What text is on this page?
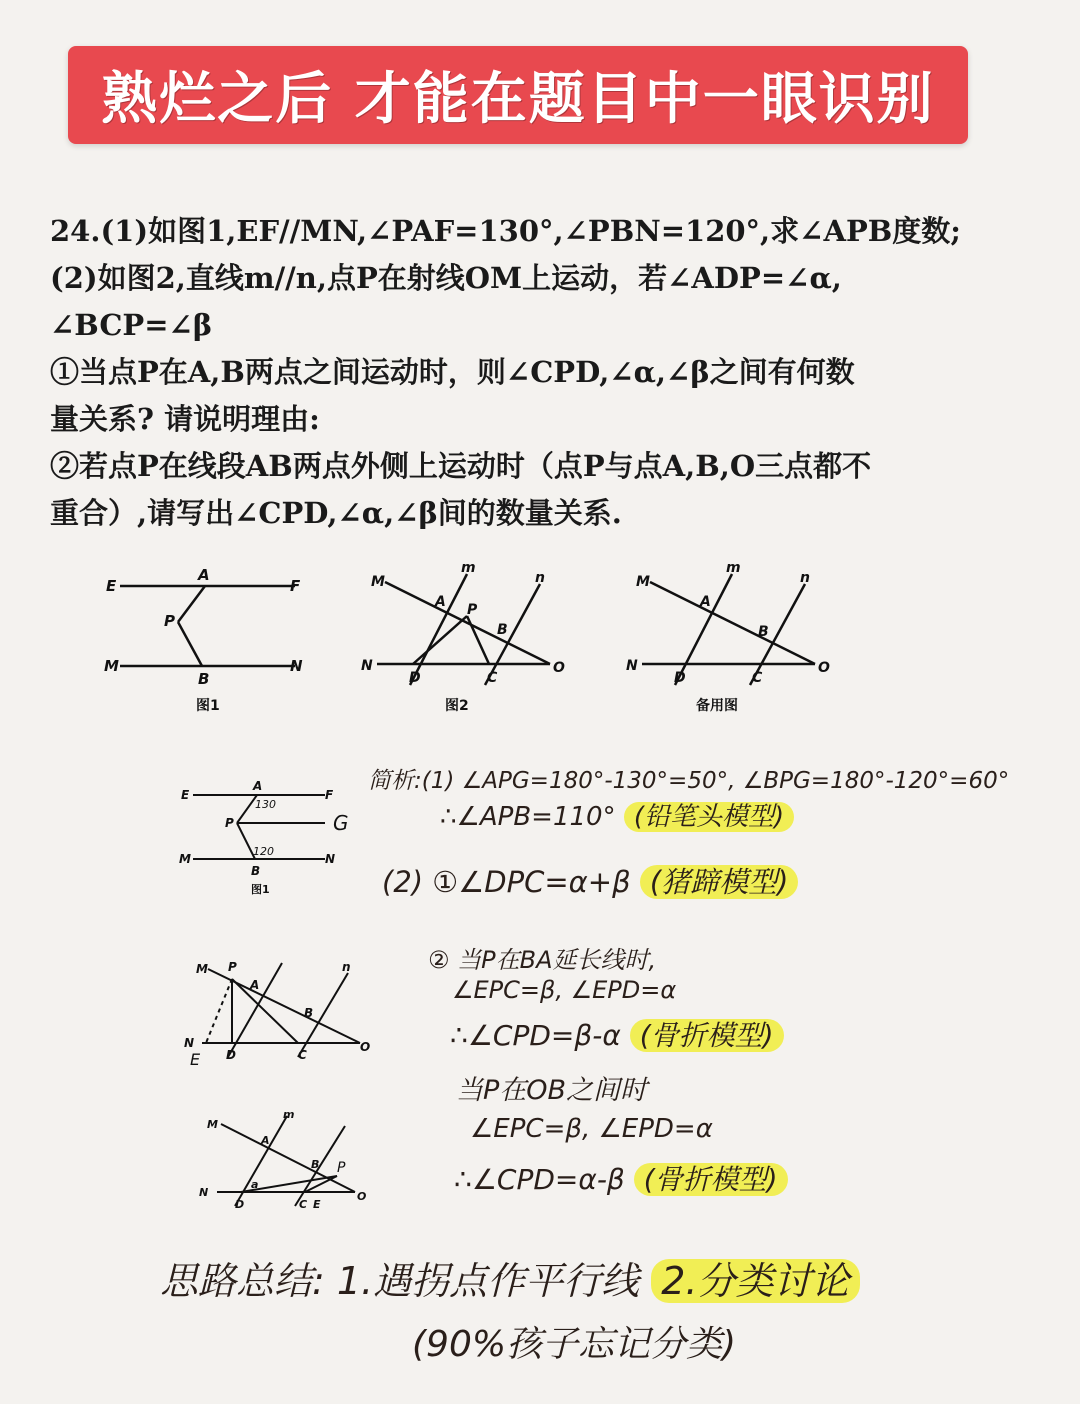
熟烂之后 才能在题目中一眼识别
24.(1)如图1,EF//MN,∠PAF=130°,∠PBN=120°,求∠APB度数;
(2)如图2,直线m//n,点P在射线OM上运动，若∠ADP=∠α,
∠BCP=∠β
①当点P在A,B两点之间运动时，则∠CPD,∠α,∠β之间有何数
量关系? 请说明理由:
②若点P在线段AB两点外侧上运动时（点P与点A,B,O三点都不
重合）,请写出∠CPD,∠α,∠β间的数量关系.
E
A
F
P
M
B
N
图1
M
m
n
A P
B
N
D	C
O
图2
M
m
n
A
B
N
D	C
O
备用图
E
A
F
P	G
M
B
N
130
120
图1
M P
A
n
B
N
E D	C
O
M
m
A
B P
N
a
D	C E
O
简析:(1) ∠APG=180°-130°=50°, ∠BPG=180°-120°=60°
∴∠APB=110° (铅笔头模型)
(2) ①∠DPC=α+β (猪蹄模型)
② 当P在BA延长线时,
∠EPC=β, ∠EPD=α
∴∠CPD=β-α (骨折模型)
当P在OB之间时
∠EPC=β, ∠EPD=α
∴∠CPD=α-β (骨折模型)
思路总结: 1.遇拐点作平行线 2.分类讨论
(90%孩子忘记分类)
